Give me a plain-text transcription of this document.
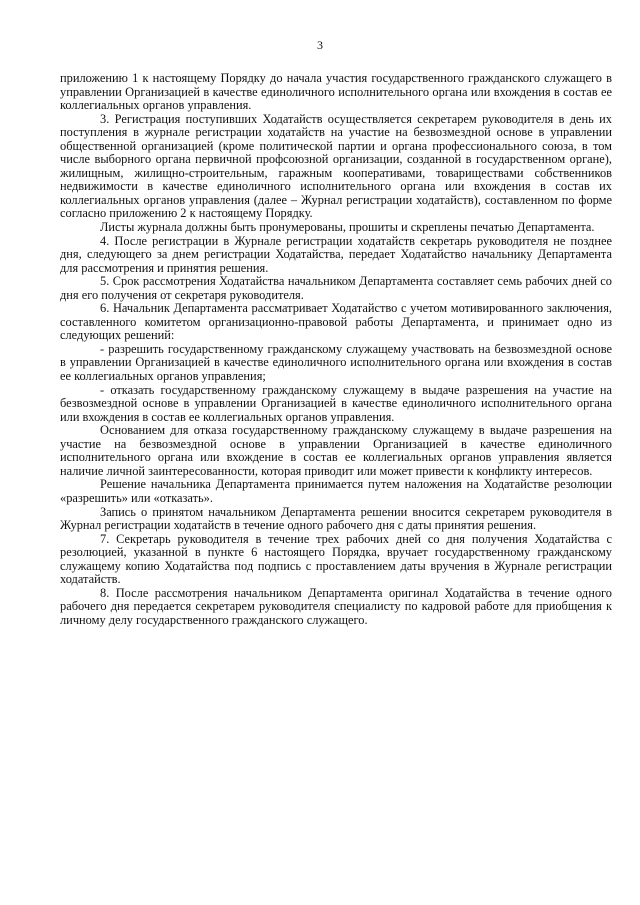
3

приложению 1 к настоящему Порядку до начала участия государственного гражданского служащего в управлении Организацией в качестве единоличного исполнительного органа или вхождения в состав ее коллегиальных органов управления.

3. Регистрация поступивших Ходатайств осуществляется секретарем руководителя в день их поступления в журнале регистрации ходатайств на участие на безвозмездной основе в управлении общественной организацией (кроме политической партии и органа профессионального союза, в том числе выборного органа первичной профсоюзной организации, созданной в государственном органе), жилищным, жилищно-строительным, гаражным кооперативами, товариществами собственников недвижимости в качестве единоличного исполнительного органа или вхождения в состав их коллегиальных органов управления (далее – Журнал регистрации ходатайств), составленном по форме согласно приложению 2 к настоящему Порядку.

Листы журнала должны быть пронумерованы, прошиты и скреплены печатью Департамента.

4. После регистрации в Журнале регистрации ходатайств секретарь руководителя не позднее дня, следующего за днем регистрации Ходатайства, передает Ходатайство начальнику Департамента для рассмотрения и принятия решения.

5. Срок рассмотрения Ходатайства начальником Департамента составляет семь рабочих дней со дня его получения от секретаря руководителя.

6. Начальник Департамента рассматривает Ходатайство с учетом мотивированного заключения, составленного комитетом организационно-правовой работы Департамента, и принимает одно из следующих решений:

- разрешить государственному гражданскому служащему участвовать на безвозмездной основе в управлении Организацией в качестве единоличного исполнительного органа или вхождения в состав ее коллегиальных органов управления;

- отказать государственному гражданскому служащему в выдаче разрешения на участие на безвозмездной основе в управлении Организацией в качестве единоличного исполнительного органа или вхождения в состав ее коллегиальных органов управления.

Основанием для отказа государственному гражданскому служащему в выдаче разрешения на участие на безвозмездной основе в управлении Организацией в качестве единоличного исполнительного органа или вхождение в состав ее коллегиальных органов управления является наличие личной заинтересованности, которая приводит или может привести к конфликту интересов.

Решение начальника Департамента принимается путем наложения на Ходатайстве резолюции «разрешить» или «отказать».

Запись о принятом начальником Департамента решении вносится секретарем руководителя в Журнал регистрации ходатайств в течение одного рабочего дня с даты принятия решения.

7. Секретарь руководителя в течение трех рабочих дней со дня получения Ходатайства с резолюцией, указанной в пункте 6 настоящего Порядка, вручает государственному гражданскому служащему копию Ходатайства под подпись с проставлением даты вручения в Журнале регистрации ходатайств.

8. После рассмотрения начальником Департамента оригинал Ходатайства в течение одного рабочего дня передается секретарем руководителя специалисту по кадровой работе для приобщения к личному делу государственного гражданского служащего.
